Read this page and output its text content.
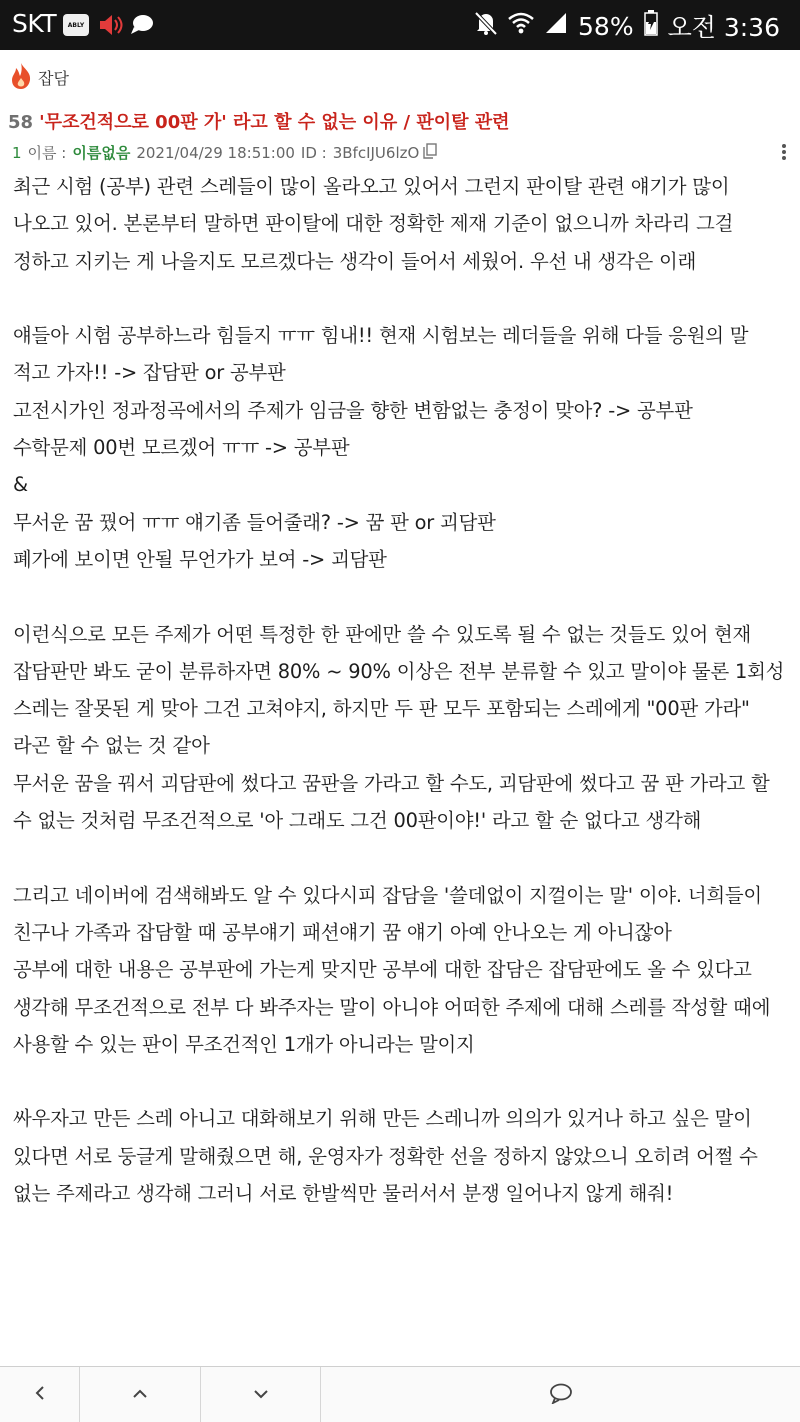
SKT	ABLY	58% 오전 3:36
잡담
58 '무조건적으로 00판 가' 라고 할 수 없는 이유 / 판이탈 관련
1 이름 : 이름없음 2021/04/29 18:51:00 ID : 3BfcIJU6lzO
최근 시험 (공부) 관련 스레들이 많이 올라오고 있어서 그런지 판이탈 관련 얘기가 많이 나오고 있어. 본론부터 말하면 판이탈에 대한 정확한 제재 기준이 없으니까 차라리 그걸 정하고 지키는 게 나을지도 모르겠다는 생각이 들어서 세웠어. 우선 내 생각은 이래

얘들아 시험 공부하느라 힘들지 ㅠㅠ 힘내!! 현재 시험보는 레더들을 위해 다들 응원의 말 적고 가자!! -> 잡담판 or 공부판
고전시가인 정과정곡에서의 주제가 임금을 향한 변함없는 충정이 맞아? -> 공부판
수학문제 00번 모르겠어 ㅠㅠ -> 공부판
&
무서운 꿈 꿨어 ㅠㅠ 얘기좀 들어줄래? -> 꿈 판 or 괴담판
폐가에 보이면 안될 무언가가 보여 -> 괴담판

이런식으로 모든 주제가 어떤 특정한 한 판에만 쓸 수 있도록 될 수 없는 것들도 있어 현재 잡담판만 봐도 굳이 분류하자면 80% ~ 90% 이상은 전부 분류할 수 있고 말이야 물론 1회성 스레는 잘못된 게 맞아 그건 고쳐야지, 하지만 두 판 모두 포함되는 스레에게 "00판 가라" 라곤 할 수 없는 것 같아
무서운 꿈을 꿔서 괴담판에 썼다고 꿈판을 가라고 할 수도, 괴담판에 썼다고 꿈 판 가라고 할 수 없는 것처럼 무조건적으로 '아 그래도 그건 00판이야!' 라고 할 순 없다고 생각해

그리고 네이버에 검색해봐도 알 수 있다시피 잡담을 '쓸데없이 지껄이는 말' 이야. 너희들이 친구나 가족과 잡담할 때 공부얘기 패션얘기 꿈 얘기 아예 안나오는 게 아니잖아
공부에 대한 내용은 공부판에 가는게 맞지만 공부에 대한 잡담은 잡담판에도 올 수 있다고 생각해 무조건적으로 전부 다 봐주자는 말이 아니야 어떠한 주제에 대해 스레를 작성할 때에 사용할 수 있는 판이 무조건적인 1개가 아니라는 말이지

싸우자고 만든 스레 아니고 대화해보기 위해 만든 스레니까 의의가 있거나 하고 싶은 말이 있다면 서로 둥글게 말해줬으면 해, 운영자가 정확한 선을 정하지 않았으니 오히려 어쩔 수 없는 주제라고 생각해 그러니 서로 한발씩만 물러서서 분쟁 일어나지 않게 해줘!
